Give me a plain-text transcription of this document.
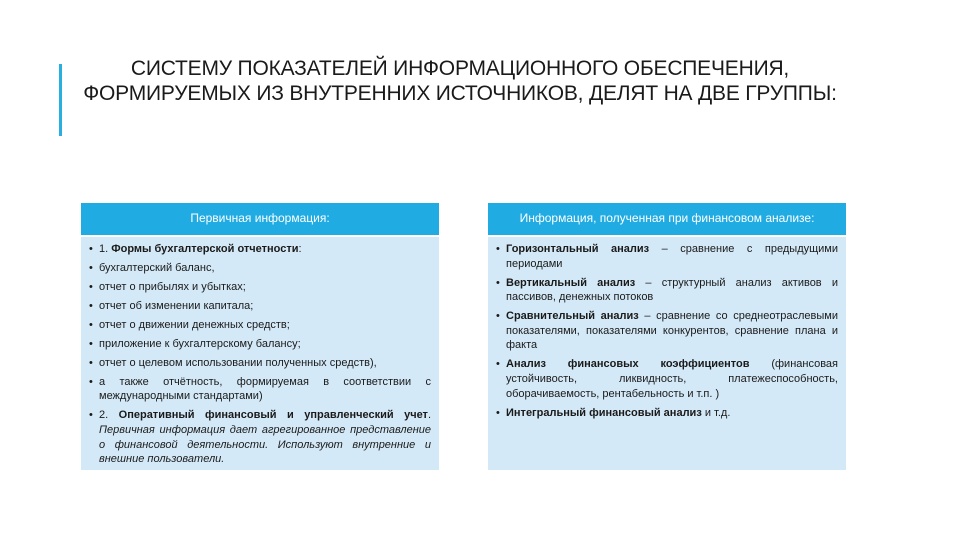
СИСТЕМУ ПОКАЗАТЕЛЕЙ ИНФОРМАЦИОННОГО ОБЕСПЕЧЕНИЯ, ФОРМИРУЕМЫХ ИЗ ВНУТРЕННИХ ИСТОЧНИКОВ, ДЕЛЯТ НА ДВЕ ГРУППЫ:
Первичная информация:
• 1. Формы бухгалтерской отчетности:
• бухгалтерский баланс,
• отчет о прибылях и убытках;
• отчет об изменении капитала;
• отчет о движении денежных средств;
• приложение к бухгалтерскому балансу;
• отчет о целевом использовании полученных средств),
• а также отчётность, формируемая в соответствии с международными стандартами)
• 2. Оперативный финансовый и управленческий учет. Первичная информация дает агрегированное представление о финансовой деятельности. Используют внутренние и внешние пользователи.
Информация, полученная при финансовом анализе:
• Горизонтальный анализ – сравнение с предыдущими периодами
• Вертикальный анализ – структурный анализ активов и пассивов, денежных потоков
• Сравнительный анализ – сравнение со среднеотраслевыми показателями, показателями конкурентов, сравнение плана и факта
• Анализ финансовых коэффициентов (финансовая устойчивость, ликвидность, платежеспособность, оборачиваемость, рентабельность и т.п. )
• Интегральный финансовый анализ и т.д.
